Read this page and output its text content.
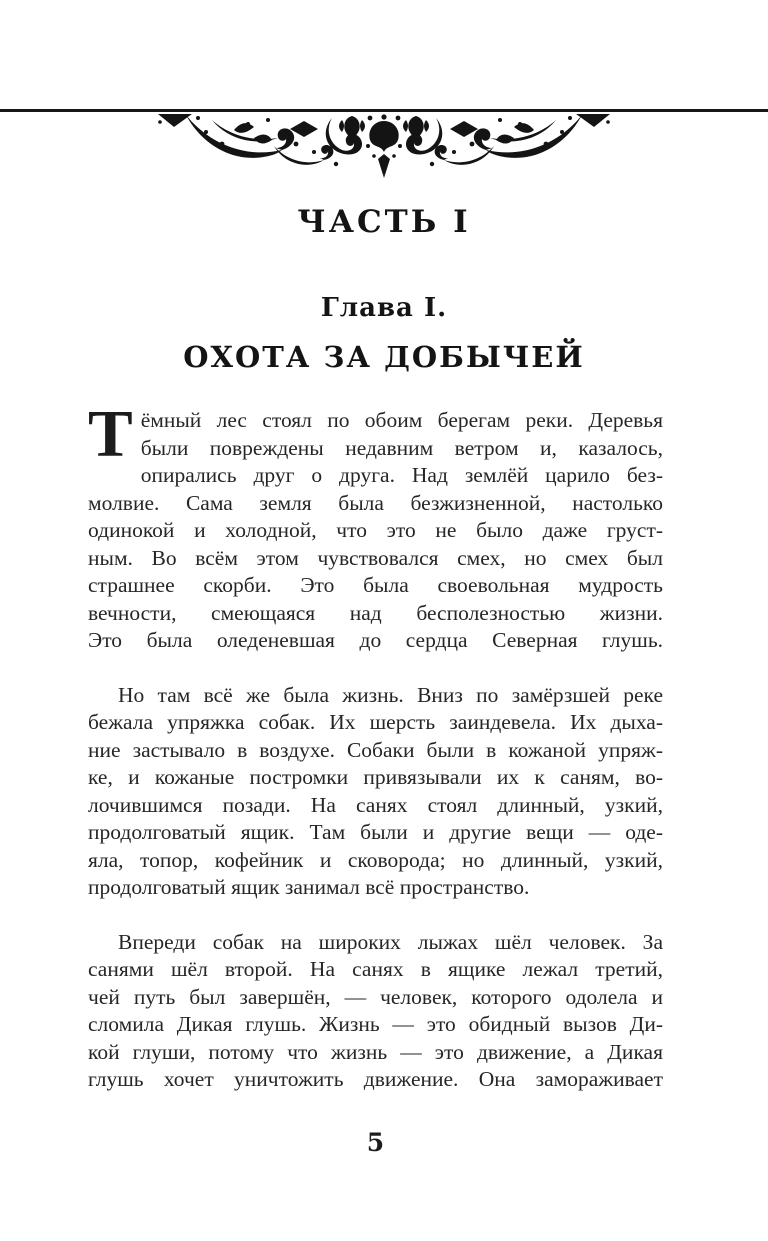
ЧАСТЬ I
Глава I.
ОХОТА ЗА ДОБЫЧЕЙ
Т ёмный лес стоял по обоим берегам реки. Деревья
были повреждены недавним ветром и, казалось,
опирались друг о друга. Над землёй царило без-
молвие. Сама земля была безжизненной, настолько
одинокой и холодной, что это не было даже груст-
ным. Во всём этом чувствовался смех, но смех был
страшнее скорби. Это была своевольная мудрость
вечности, смеющаяся над бесполезностью жизни.
Это была оледеневшая до сердца Северная глушь.
Но там всё же была жизнь. Вниз по замёрзшей реке
бежала упряжка собак. Их шерсть заиндевела. Их дыха-
ние застывало в воздухе. Собаки были в кожаной упряж-
ке, и кожаные постромки привязывали их к саням, во-
лочившимся позади. На санях стоял длинный, узкий,
продолговатый ящик. Там были и другие вещи — оде-
яла, топор, кофейник и сковорода; но длинный, узкий,
продолговатый ящик занимал всё пространство.
Впереди собак на широких лыжах шёл человек. За
санями шёл второй. На санях в ящике лежал третий,
чей путь был завершён, — человек, которого одолела и
сломила Дикая глушь. Жизнь — это обидный вызов Ди-
кой глуши, потому что жизнь — это движение, а Дикая
глушь хочет уничтожить движение. Она замораживает
5
